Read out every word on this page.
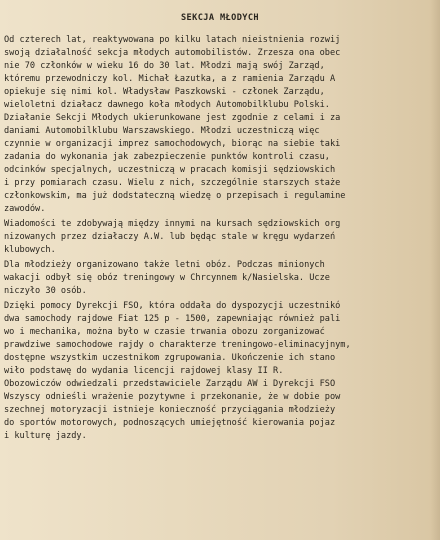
SEKCJA MŁODYCH
Od czterech lat, reaktywowana po kilku latach nieistnienia rozwij
swoją działalność sekcja młodych automobilistów. Zrzesza ona obec
nie 70 członków w wieku 16 do 30 lat. Młodzi mają swój Zarząd,
któremu przewodniczy kol. Michał Łazutka, a z ramienia Zarządu A
opiekuje się nimi kol. Władysław Paszkowski - członek Zarządu,
wieloletni działacz dawnego koła młodych Automobilklubu Polski.
Działanie Sekcji Młodych ukierunkowane jest zgodnie z celami i za
daniami Automobilklubu Warszawskiego. Młodzi uczestniczą więc
czynnie w organizacji imprez samochodowych, biorąc na siebie taki
zadania do wykonania jak zabezpieczenie punktów kontroli czasu,
odcinków specjalnych, uczestniczą w pracach komisji sędziowskich
i przy pomiarach czasu. Wielu z nich, szczególnie starszych staże
członkowskim, ma już dodstateczną wiedzę o przepisach i regulamine
zawodów.
Wiadomości te zdobywają między innymi na kursach sędziowskich org
nizowanych przez działaczy A.W. lub będąc stale w kręgu wydarzeń
klubowych.
Dla młodzieży organizowano także letni obóz. Podczas minionych
wakacji odbył się obóz treningowy w Chrcynnem k/Nasielska. Ucze
niczyło 30 osób.
Dzięki pomocy Dyrekcji FSO, która oddała do dyspozycji uczestnikó
dwa samochody rajdowe Fiat 125 p - 1500, zapewniając również pali
wo i mechanika, można było w czasie trwania obozu zorganizować
prawdziwe samochodowe rajdy o charakterze treningowo-eliminacyjnym,
dostępne wszystkim uczestnikom zgrupowania. Ukończenie ich stano
wiło podstawę do wydania licencji rajdowej klasy II R.
Obozowiczów odwiedzali przedstawiciele Zarządu AW i Dyrekcji FSO
Wszyscy odnieśli wrażenie pozytywne i przekonanie, że w dobie pow
szechnej motoryzacji istnieje konieczność przyciągania młodzieży
do sportów motorowych, podnoszących umiejętność kierowania pojaz
i kulturę jazdy.
